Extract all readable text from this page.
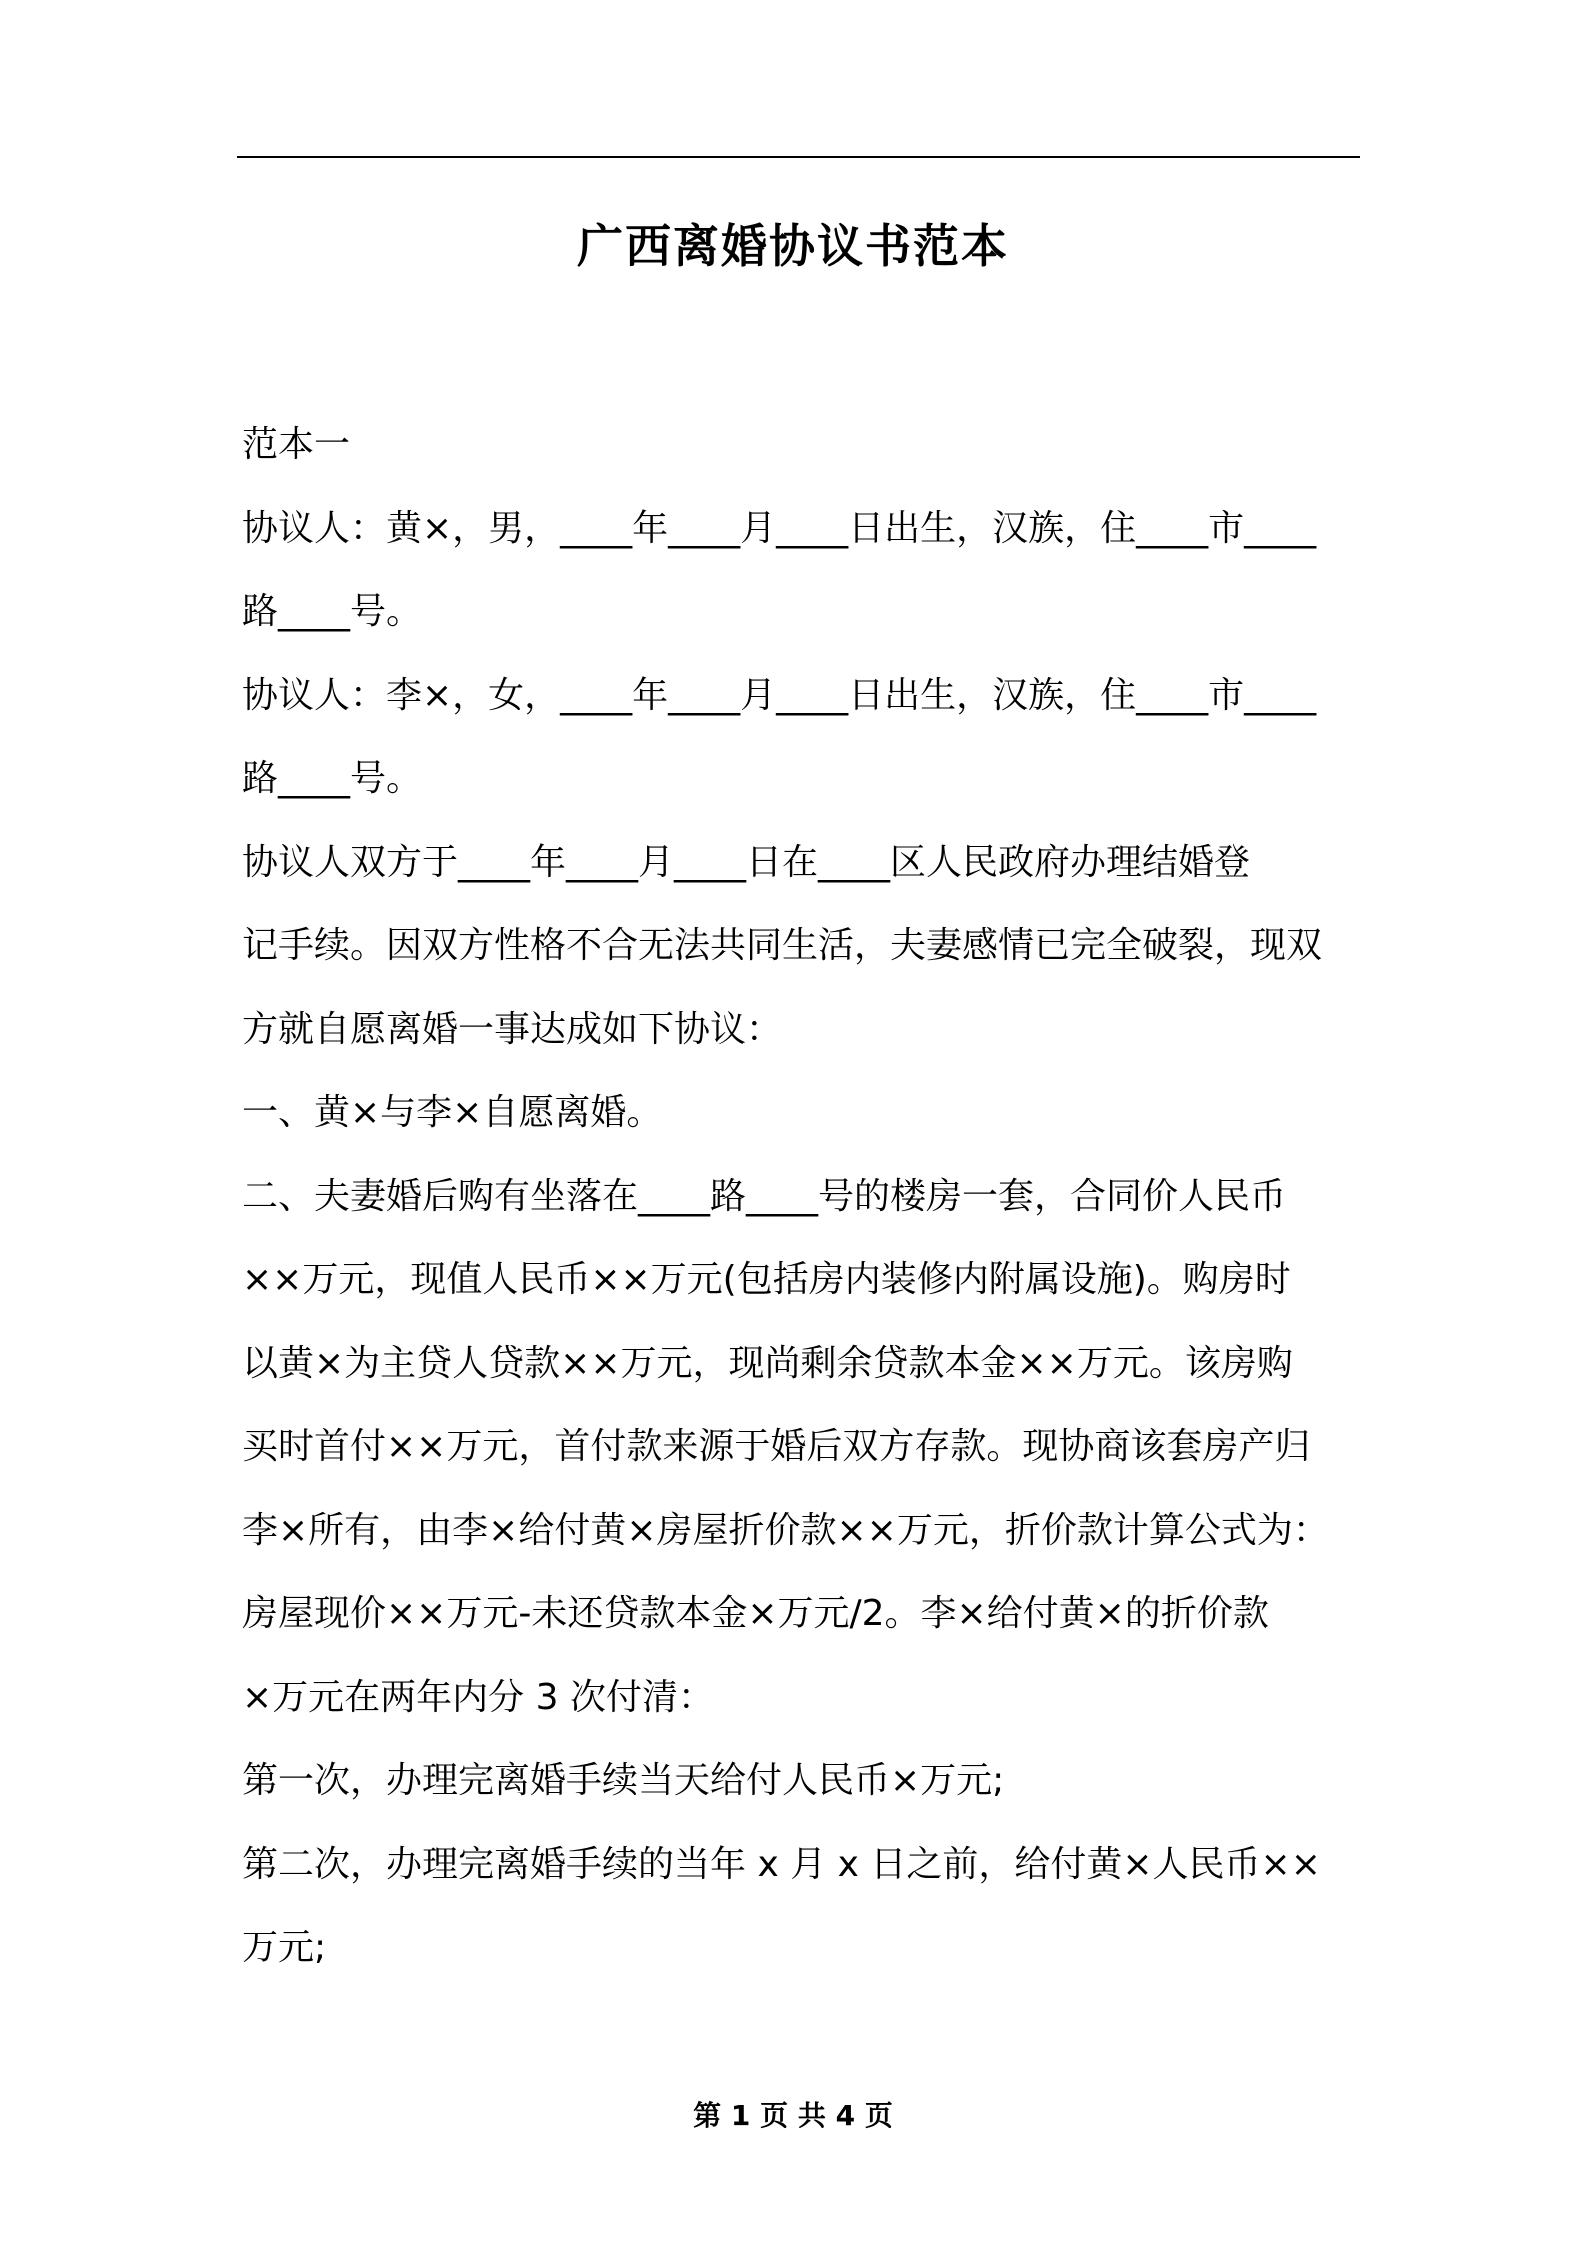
广西离婚协议书范本
范本一
协议人：黄×，男，____年____月____日出生，汉族，住____市____
路____号。
协议人：李×，女，____年____月____日出生，汉族，住____市____
路____号。
协议人双方于____年____月____日在____区人民政府办理结婚登
记手续。因双方性格不合无法共同生活，夫妻感情已完全破裂，现双
方就自愿离婚一事达成如下协议：
一、黄×与李×自愿离婚。
二、夫妻婚后购有坐落在____路____号的楼房一套，合同价人民币
××万元，现值人民币××万元(包括房内装修内附属设施)。购房时
以黄×为主贷人贷款××万元，现尚剩余贷款本金××万元。该房购
买时首付××万元，首付款来源于婚后双方存款。现协商该套房产归
李×所有，由李×给付黄×房屋折价款××万元，折价款计算公式为：
房屋现价××万元-未还贷款本金×万元/2。李×给付黄×的折价款
×万元在两年内分 3 次付清：
第一次，办理完离婚手续当天给付人民币×万元;
第二次，办理完离婚手续的当年 x 月 x 日之前，给付黄×人民币××
万元;
第 1 页 共 4 页
